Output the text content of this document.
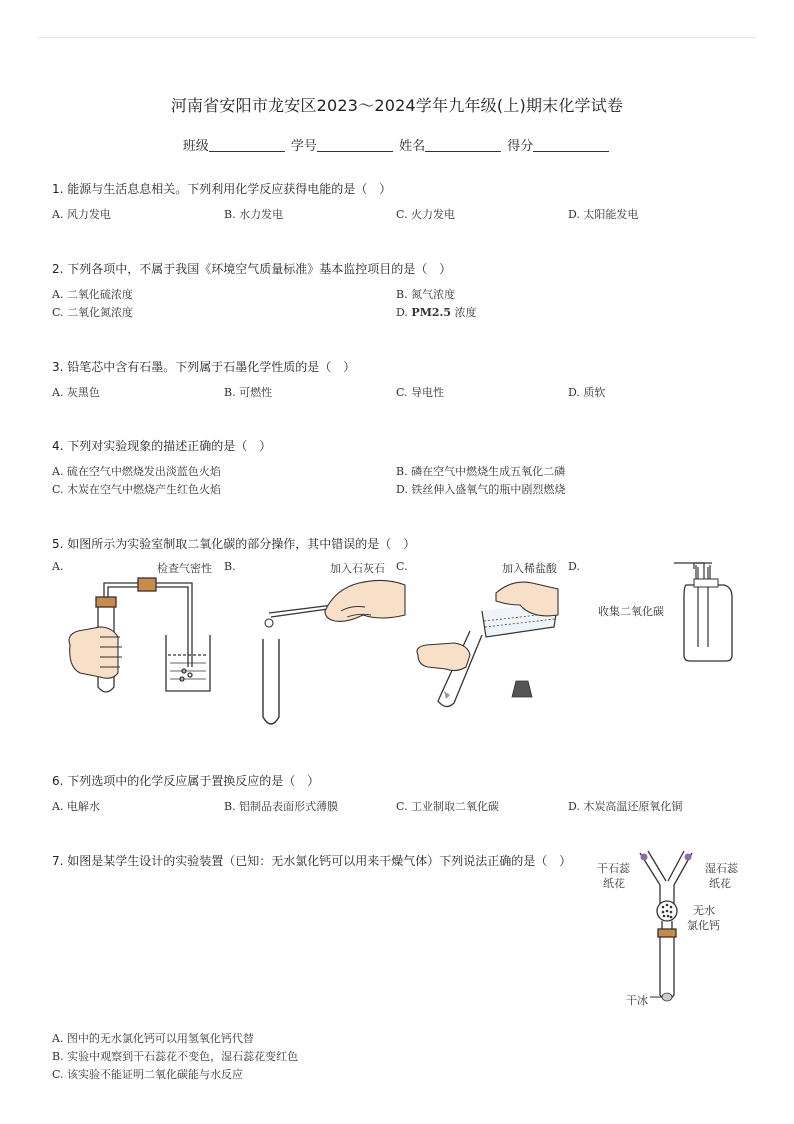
河南省安阳市龙安区2023～2024学年九年级(上)期末化学试卷
班级	学号	姓名	得分
1. 能源与生活息息相关。下列利用化学反应获得电能的是（　）
A. 风力发电	B. 水力发电	C. 火力发电	D. 太阳能发电
2. 下列各项中，不属于我国《环境空气质量标准》基本监控项目的是（　）
A. 二氧化硫浓度	B. 氮气浓度
C. 二氧化氮浓度	D. PM2.5 浓度
3. 铅笔芯中含有石墨。下列属于石墨化学性质的是（　）
A. 灰黑色	B. 可燃性	C. 导电性	D. 质软
4. 下列对实验现象的描述正确的是（　）
A. 硫在空气中燃烧发出淡蓝色火焰	B. 磷在空气中燃烧生成五氧化二磷
C. 木炭在空气中燃烧产生红色火焰	D. 铁丝伸入盛氧气的瓶中剧烈燃烧
5. 如图所示为实验室制取二氧化碳的部分操作，其中错误的是（　）
A.	B.	C.	D.
检查气密性	加入石灰石	加入稀盐酸
收集二氧化碳
6. 下列选项中的化学反应属于置换反应的是（　）
A. 电解水	B. 铝制品表面形式薄膜	C. 工业制取二氧化碳	D. 木炭高温还原氧化铜
7. 如图是某学生设计的实验装置（已知：无水氯化钙可以用来干燥气体）下列说法正确的是（　）
干石蕊
纸花
湿石蕊
纸花
无水
氯化钙
干冰
A. 图中的无水氯化钙可以用氢氧化钙代替
B. 实验中观察到干石蕊花不变色，湿石蕊花变红色
C. 该实验不能证明二氧化碳能与水反应
